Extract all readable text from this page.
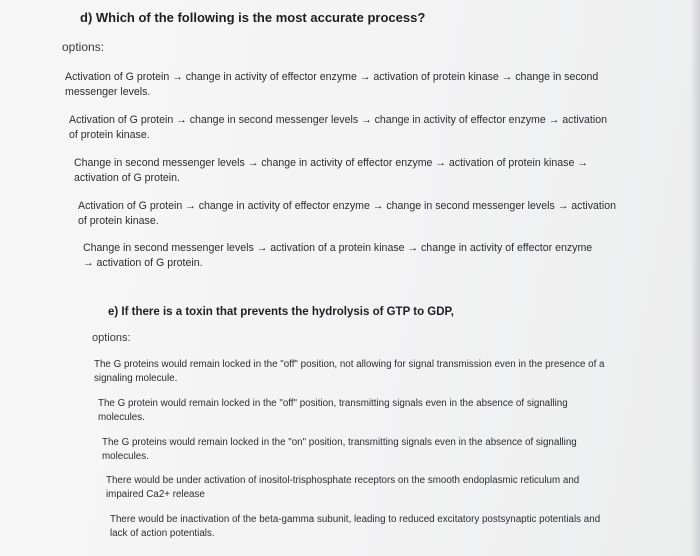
d) Which of the following is the most accurate process?
options:
Activation of G protein → change in activity of effector enzyme → activation of protein kinase → change in second messenger levels.
Activation of G protein → change in second messenger levels → change in activity of effector enzyme → activation of protein kinase.
Change in second messenger levels → change in activity of effector enzyme → activation of protein kinase → activation of G protein.
Activation of G protein → change in activity of effector enzyme → change in second messenger levels → activation of protein kinase.
Change in second messenger levels → activation of a protein kinase → change in activity of effector enzyme → activation of G protein.
e) If there is a toxin that prevents the hydrolysis of GTP to GDP,
options:
The G proteins would remain locked in the "off" position, not allowing for signal transmission even in the presence of a signaling molecule.
The G protein would remain locked in the "off" position, transmitting signals even in the absence of signalling molecules.
The G proteins would remain locked in the "on" position, transmitting signals even in the absence of signalling molecules.
There would be under activation of inositol-trisphosphate receptors on the smooth endoplasmic reticulum and impaired Ca2+ release
There would be inactivation of the beta-gamma subunit, leading to reduced excitatory postsynaptic potentials and lack of action potentials.
